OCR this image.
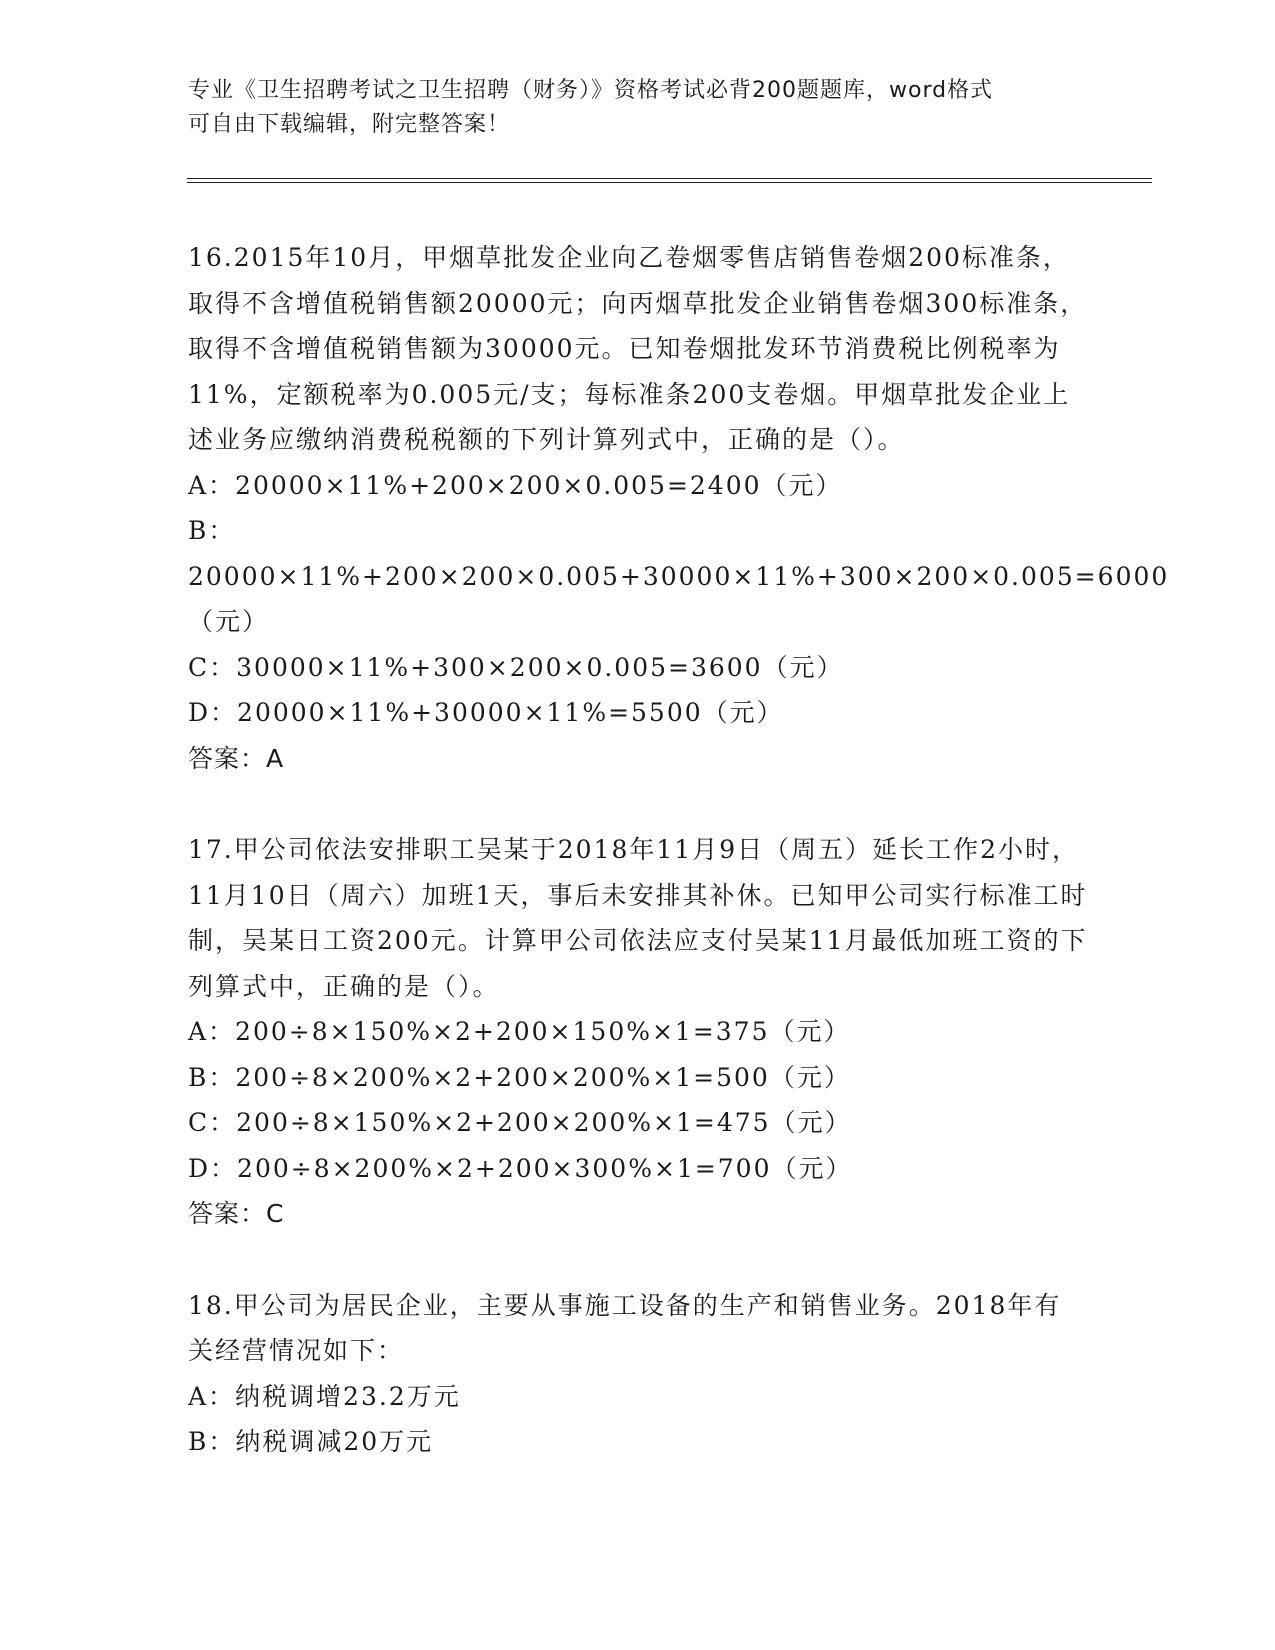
专业《卫生招聘考试之卫生招聘（财务）》资格考试必背200题题库，word格式
可自由下载编辑，附完整答案！

16.2015年10月，甲烟草批发企业向乙卷烟零售店销售卷烟200标准条，取得不含增值税销售额20000元；向丙烟草批发企业销售卷烟300标准条，取得不含增值税销售额为30000元。已知卷烟批发环节消费税比例税率为11%，定额税率为0.005元/支；每标准条200支卷烟。甲烟草批发企业上述业务应缴纳消费税税额的下列计算列式中，正确的是（）。

A：20000×11%+200×200×0.005=2400（元）

B：20000×11%+200×200×0.005+30000×11%+300×200×0.005=6000（元）

C：30000×11%+300×200×0.005=3600（元）

D：20000×11%+30000×11%=5500（元）

答案：A

17.甲公司依法安排职工吴某于2018年11月9日（周五）延长工作2小时，11月10日（周六）加班1天，事后未安排其补休。已知甲公司实行标准工时制，吴某日工资200元。计算甲公司依法应支付吴某11月最低加班工资的下列算式中，正确的是（）。

A：200÷8×150%×2+200×150%×1=375（元）

B：200÷8×200%×2+200×200%×1=500（元）

C：200÷8×150%×2+200×200%×1=475（元）

D：200÷8×200%×2+200×300%×1=700（元）

答案：C

18.甲公司为居民企业，主要从事施工设备的生产和销售业务。2018年有关经营情况如下：

A：纳税调增23.2万元

B：纳税调减20万元
